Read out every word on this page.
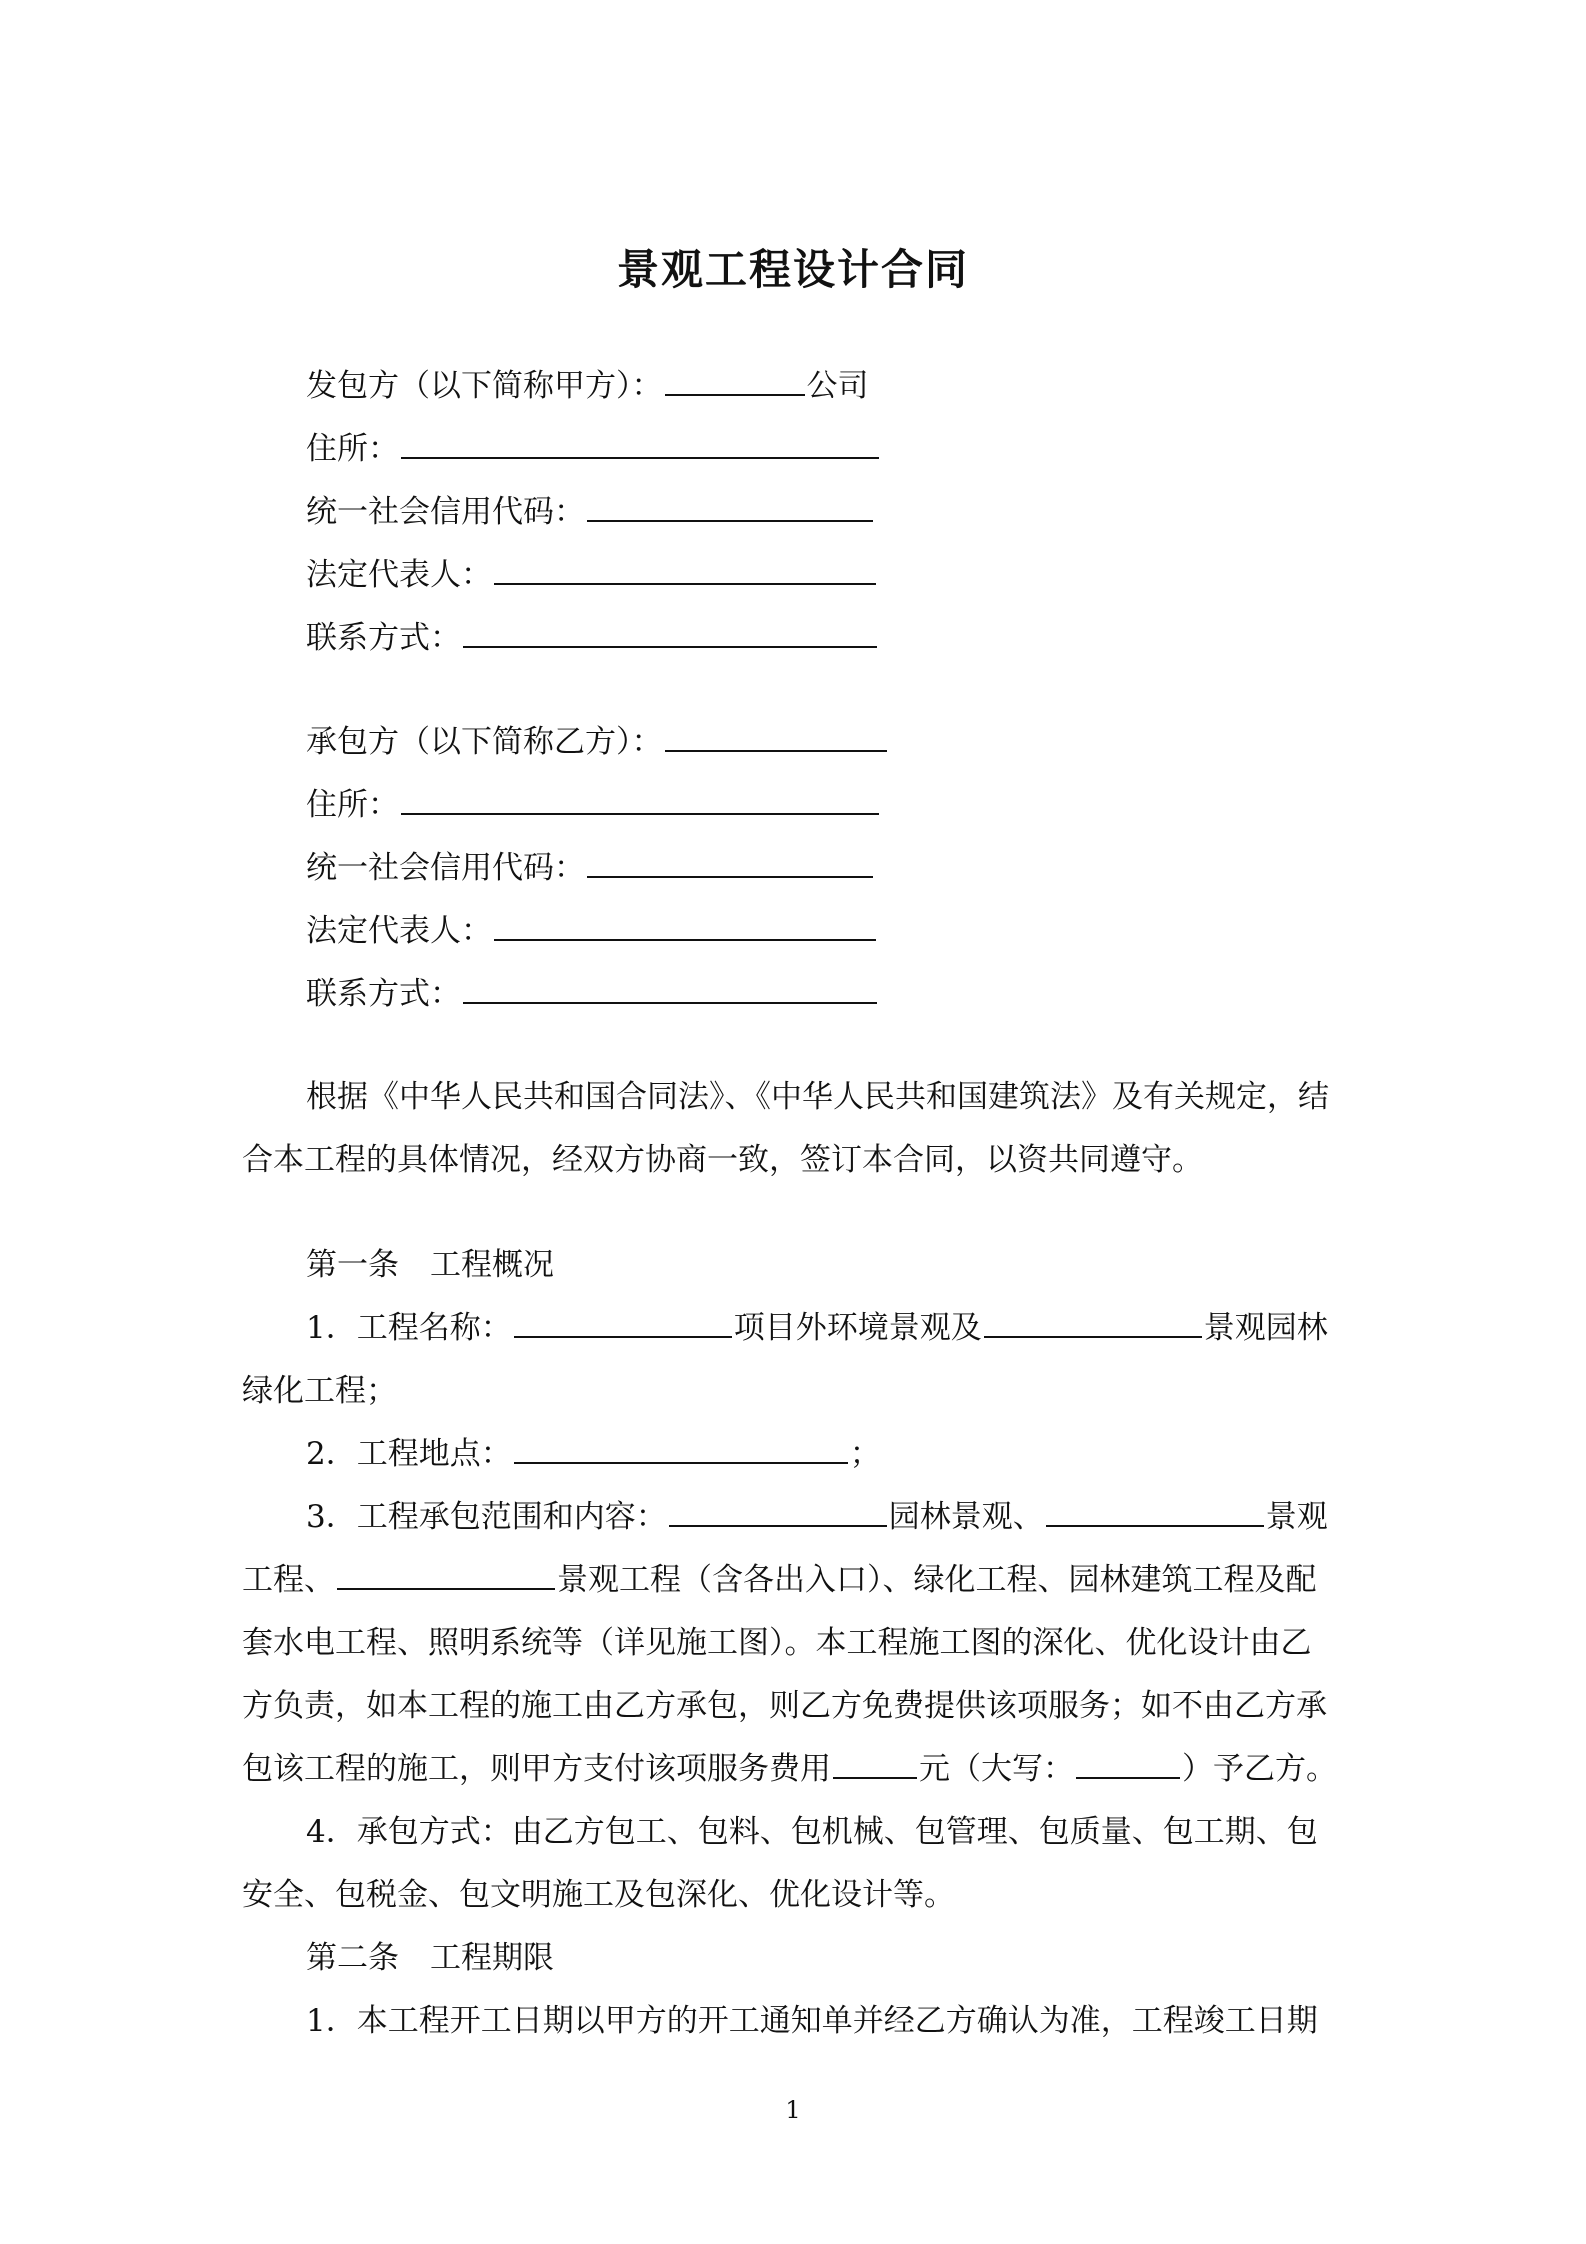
景观工程设计合同
发包方（以下简称甲方）：	公司
住所：
统一社会信用代码：
法定代表人：
联系方式：
承包方（以下简称乙方）：
住所：
统一社会信用代码：
法定代表人：
联系方式：
根据《中华人民共和国合同法》、《中华人民共和国建筑法》及有关规定，结
合本工程的具体情况，经双方协商一致，签订本合同，以资共同遵守。
第一条　工程概况
1．工程名称：	项目外环境景观及	景观园林
绿化工程；
2．工程地点：	；
3．工程承包范围和内容：	园林景观、	景观
工程、	景观工程（含各出入口）、绿化工程、园林建筑工程及配
套水电工程、照明系统等（详见施工图）。本工程施工图的深化、优化设计由乙
方负责，如本工程的施工由乙方承包，则乙方免费提供该项服务；如不由乙方承
包该工程的施工，则甲方支付该项服务费用	元（大写：	）予乙方。
4．承包方式：由乙方包工、包料、包机械、包管理、包质量、包工期、包
安全、包税金、包文明施工及包深化、优化设计等。
第二条　工程期限
1．本工程开工日期以甲方的开工通知单并经乙方确认为准，工程竣工日期
1
